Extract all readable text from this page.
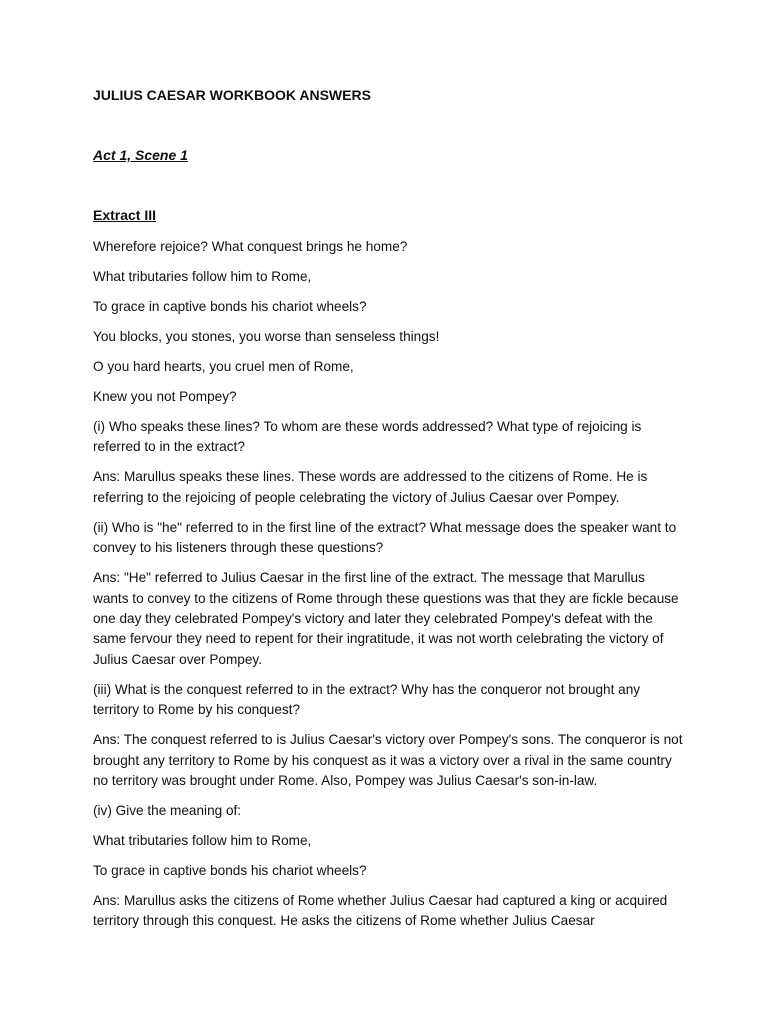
JULIUS CAESAR WORKBOOK ANSWERS
Act 1, Scene 1
Extract III

Wherefore rejoice? What conquest brings he home?

What tributaries follow him to Rome,

To grace in captive bonds his chariot wheels?

You blocks, you stones, you worse than senseless things!

O you hard hearts, you cruel men of Rome,

Knew you not Pompey?

(i) Who speaks these lines? To whom are these words addressed? What type of rejoicing is referred to in the extract?

Ans: Marullus speaks these lines. These words are addressed to the citizens of Rome. He is referring to the rejoicing of people celebrating the victory of Julius Caesar over Pompey.

(ii) Who is "he" referred to in the first line of the extract? What message does the speaker want to convey to his listeners through these questions?

Ans: "He" referred to Julius Caesar in the first line of the extract. The message that Marullus wants to convey to the citizens of Rome through these questions was that they are fickle because one day they celebrated Pompey's victory and later they celebrated Pompey's defeat with the same fervour they need to repent for their ingratitude, it was not worth celebrating the victory of Julius Caesar over Pompey.

(iii) What is the conquest referred to in the extract? Why has the conqueror not brought any territory to Rome by his conquest?

Ans: The conquest referred to is Julius Caesar's victory over Pompey's sons. The conqueror is not brought any territory to Rome by his conquest as it was a victory over a rival in the same country no territory was brought under Rome. Also, Pompey was Julius Caesar's son-in-law.

(iv) Give the meaning of:

What tributaries follow him to Rome,

To grace in captive bonds his chariot wheels?

Ans: Marullus asks the citizens of Rome whether Julius Caesar had captured a king or acquired territory through this conquest. He asks the citizens of Rome whether Julius Caesar
